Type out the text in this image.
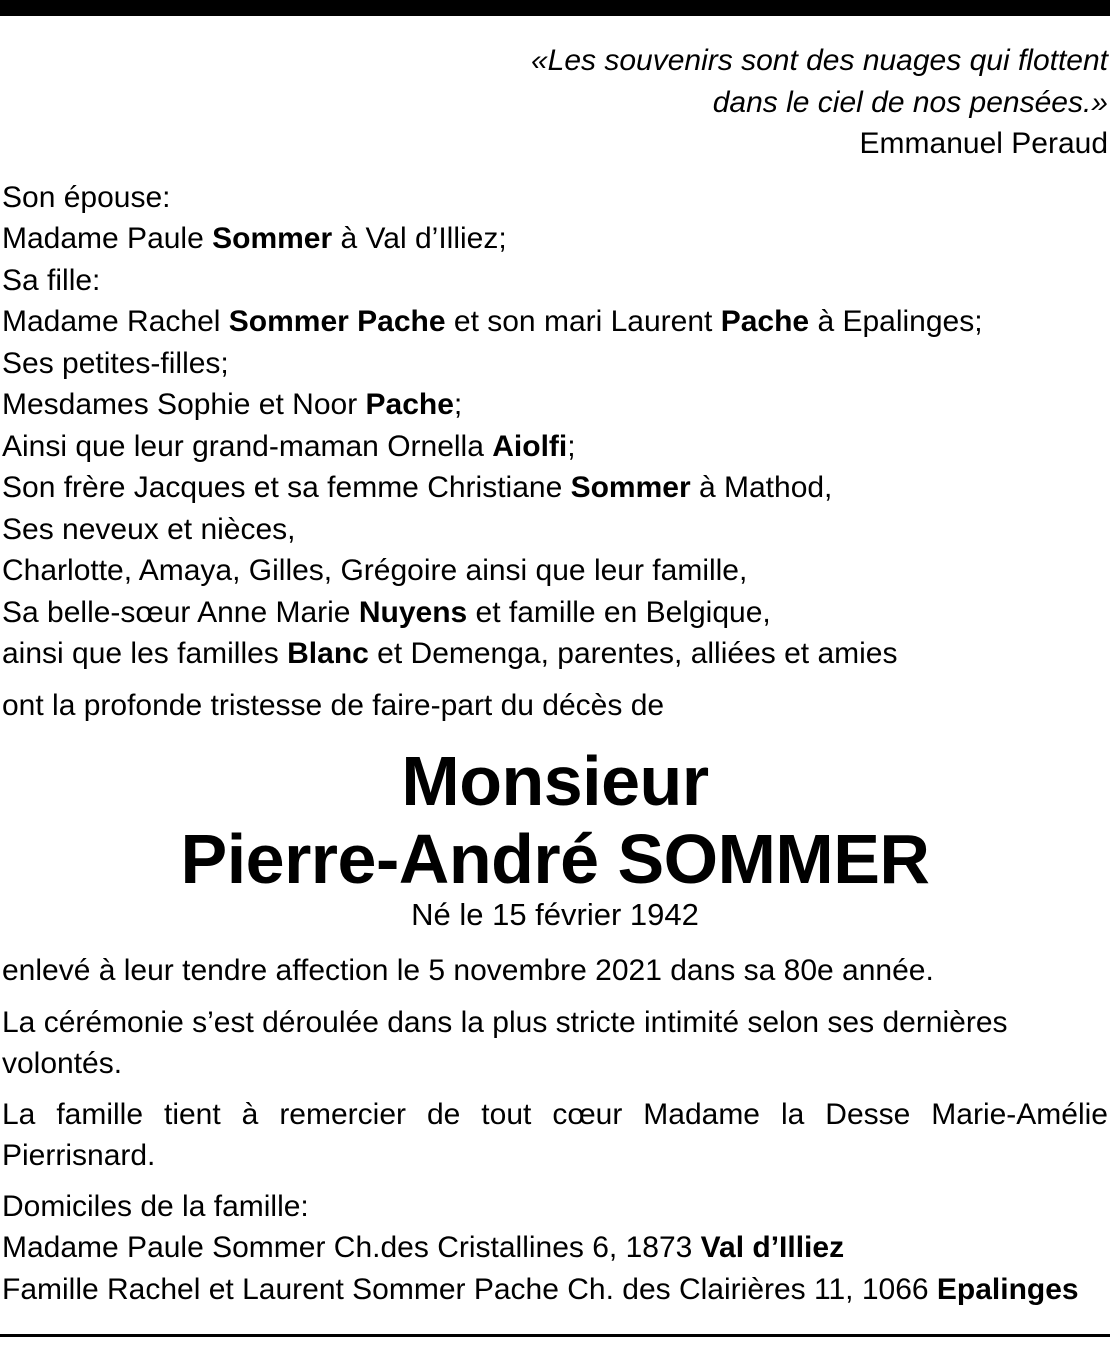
«Les souvenirs sont des nuages qui flottent
dans le ciel de nos pensées.»
Emmanuel Peraud
Son épouse:
Madame Paule Sommer à Val d’Illiez;
Sa fille:
Madame Rachel Sommer Pache et son mari Laurent Pache à Epalinges;
Ses petites-filles;
Mesdames Sophie et Noor Pache;
Ainsi que leur grand-maman Ornella Aiolfi;
Son frère Jacques et sa femme Christiane Sommer à Mathod,
Ses neveux et nièces,
Charlotte, Amaya, Gilles, Grégoire ainsi que leur famille,
Sa belle-sœur Anne Marie Nuyens et famille en Belgique,
ainsi que les familles Blanc et Demenga, parentes, alliées et amies
ont la profonde tristesse de faire-part du décès de
Monsieur
Pierre-André SOMMER
Né le 15 février 1942
enlevé à leur tendre affection le 5 novembre 2021 dans sa 80e année.
La cérémonie s’est déroulée dans la plus stricte intimité selon ses dernières volontés.
La famille tient à remercier de tout cœur Madame la Desse Marie-Amélie Pierrisnard.
Domiciles de la famille:
Madame Paule Sommer Ch.des Cristallines 6, 1873 Val d’Illiez
Famille Rachel et Laurent Sommer Pache Ch. des Clairières 11, 1066 Epalinges
